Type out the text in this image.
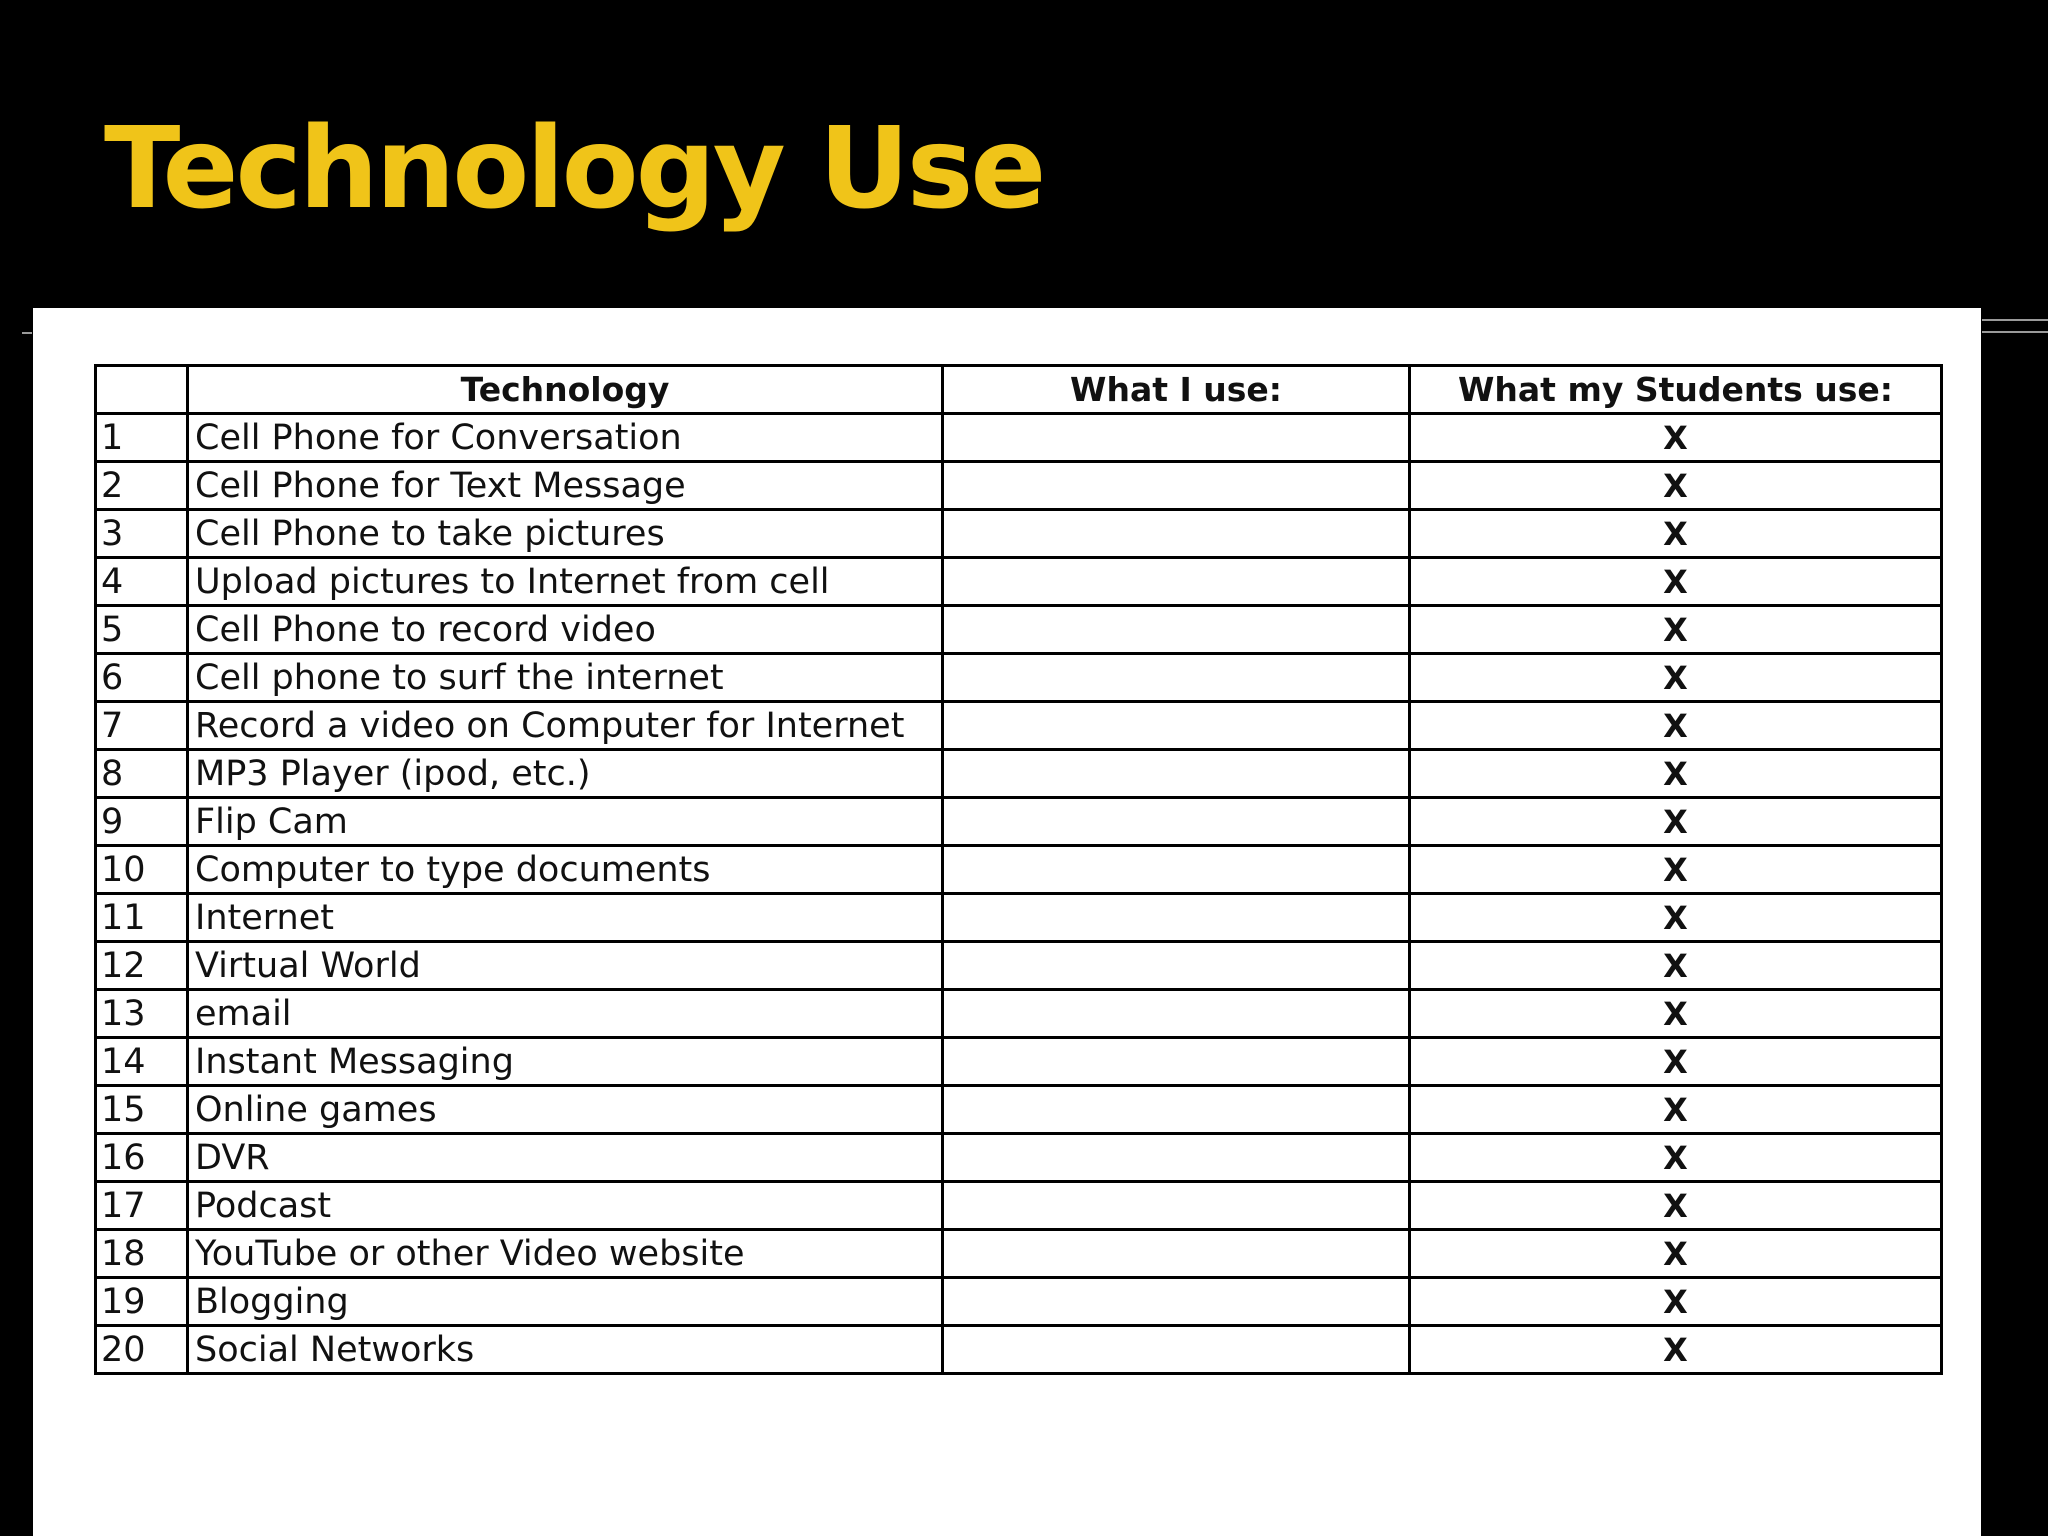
Technology Use
	Technology	What I use:	What my Students use:
1	Cell Phone for Conversation		X
2	Cell Phone for Text Message		X
3	Cell Phone to take pictures		X
4	Upload pictures to Internet from cell		X
5	Cell Phone to record video		X
6	Cell phone to surf the internet		X
7	Record a video on Computer for Internet		X
8	MP3 Player (ipod, etc.)		X
9	Flip Cam		X
10	Computer to type documents		X
11	Internet		X
12	Virtual World		X
13	email		X
14	Instant Messaging		X
15	Online games		X
16	DVR		X
17	Podcast		X
18	YouTube or other Video website		X
19	Blogging		X
20	Social Networks		X
